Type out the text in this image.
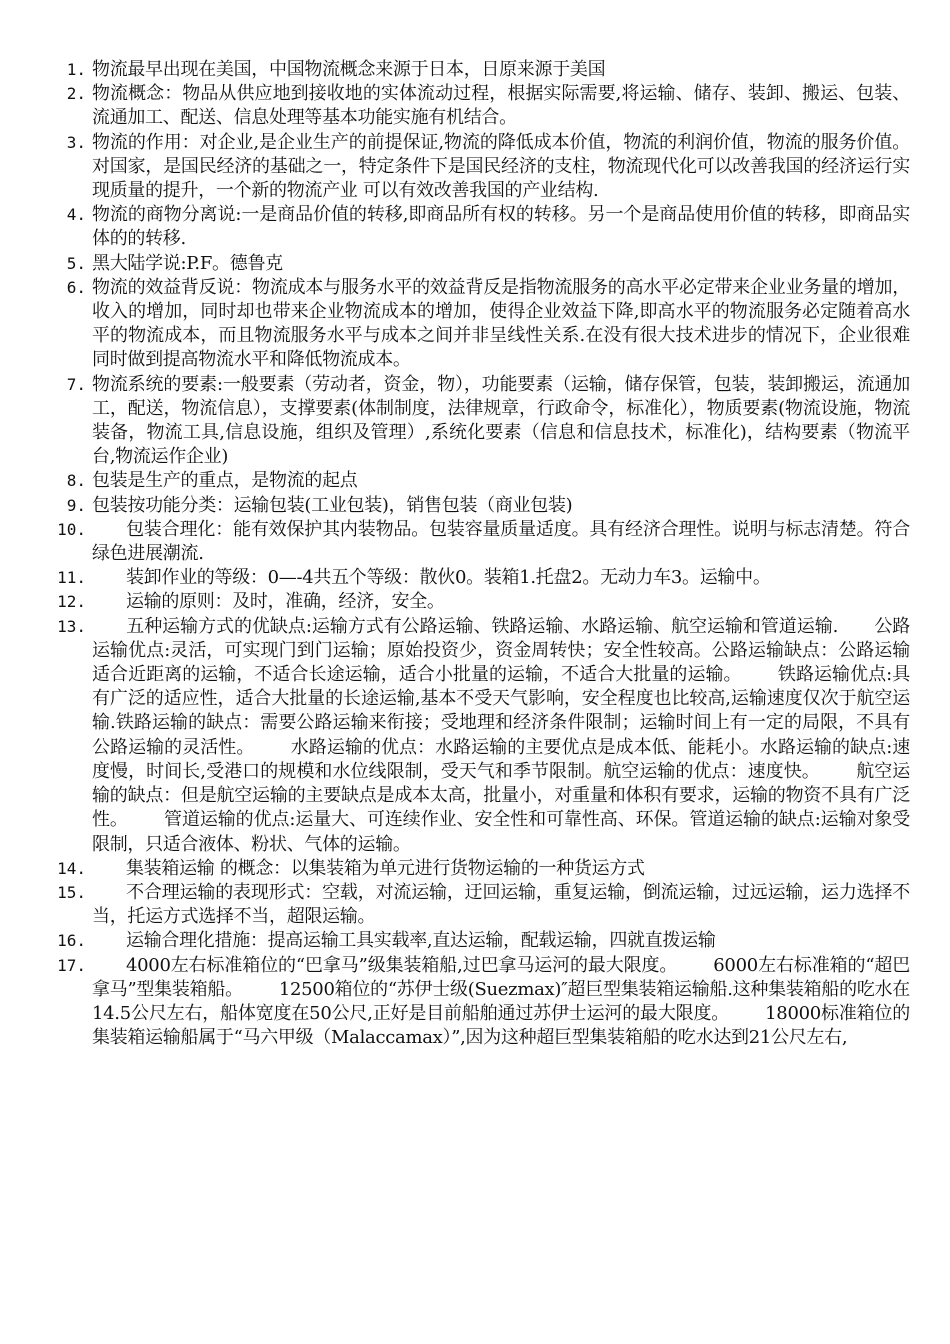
1. 物流最早出现在美国，中国物流概念来源于日本，日原来源于美国
2. 物流概念：物品从供应地到接收地的实体流动过程，根据实际需要,将运输、储存、装卸、搬运、包装、流通加工、配送、信息处理等基本功能实施有机结合。
3. 物流的作用：对企业,是企业生产的前提保证,物流的降低成本价值，物流的利润价值，物流的服务价值。对国家，是国民经济的基础之一，特定条件下是国民经济的支柱，物流现代化可以改善我国的经济运行实现质量的提升，一个新的物流产业 可以有效改善我国的产业结构.
4. 物流的商物分离说:一是商品价值的转移,即商品所有权的转移。另一个是商品使用价值的转移，即商品实体的的转移.
5. 黑大陆学说:P.F。德鲁克
6. 物流的效益背反说：物流成本与服务水平的效益背反是指物流服务的高水平必定带来企业业务量的增加，收入的增加，同时却也带来企业物流成本的增加，使得企业效益下降,即高水平的物流服务必定随着高水平的物流成本，而且物流服务水平与成本之间并非呈线性关系.在没有很大技术进步的情况下，企业很难同时做到提高物流水平和降低物流成本。
7. 物流系统的要素:一般要素（劳动者，资金，物），功能要素（运输，储存保管，包装，装卸搬运，流通加工，配送，物流信息），支撑要素(体制制度，法律规章，行政命令，标准化），物质要素(物流设施，物流装备，物流工具,信息设施，组织及管理）,系统化要素（信息和信息技术，标准化)，结构要素（物流平台,物流运作企业)
8. 包装是生产的重点，是物流的起点
9. 包装按功能分类：运输包装(工业包装)，销售包装（商业包装)
10.	包装合理化：能有效保护其内装物品。包装容量质量适度。具有经济合理性。说明与标志清楚。符合绿色进展潮流.
11.	装卸作业的等级：0—-4共五个等级：散伙0。装箱1.托盘2。无动力车3。运输中。
12.	运输的原则：及时，准确，经济，安全。
13.	五种运输方式的优缺点:运输方式有公路运输、铁路运输、水路运输、航空运输和管道运输. 公路运输优点:灵活，可实现门到门运输；原始投资少，资金周转快；安全性较高。公路运输缺点：公路运输适合近距离的运输，不适合长途运输，适合小批量的运输，不适合大批量的运输。 铁路运输优点:具有广泛的适应性，适合大批量的长途运输,基本不受天气影响，安全程度也比较高,运输速度仅次于航空运输.铁路运输的缺点：需要公路运输来衔接；受地理和经济条件限制；运输时间上有一定的局限，不具有公路运输的灵活性。 水路运输的优点：水路运输的主要优点是成本低、能耗小。水路运输的缺点:速度慢，时间长,受港口的规模和水位线限制，受天气和季节限制。航空运输的优点：速度快。 航空运输的缺点：但是航空运输的主要缺点是成本太高，批量小，对重量和体积有要求，运输的物资不具有广泛性。 管道运输的优点:运量大、可连续作业、安全性和可靠性高、环保。管道运输的缺点:运输对象受限制，只适合液体、粉状、气体的运输。
14.	集装箱运输 的概念：以集装箱为单元进行货物运输的一种货运方式
15.	不合理运输的表现形式：空载，对流运输，迂回运输，重复运输，倒流运输，过远运输，运力选择不当，托运方式选择不当，超限运输。
16.	运输合理化措施：提高运输工具实载率,直达运输，配载运输，四就直拨运输
17.	4000左右标准箱位的“巴拿马”级集装箱船,过巴拿马运河的最大限度。 6000左右标准箱的“超巴拿马”型集装箱船。 12500箱位的“苏伊士级(Suezmax)″超巨型集装箱运输船.这种集装箱船的吃水在14.5公尺左右，船体宽度在50公尺,正好是目前船舶通过苏伊士运河的最大限度。 18000标准箱位的集装箱运输船属于“马六甲级（Malaccamax）”,因为这种超巨型集装箱船的吃水达到21公尺左右,
